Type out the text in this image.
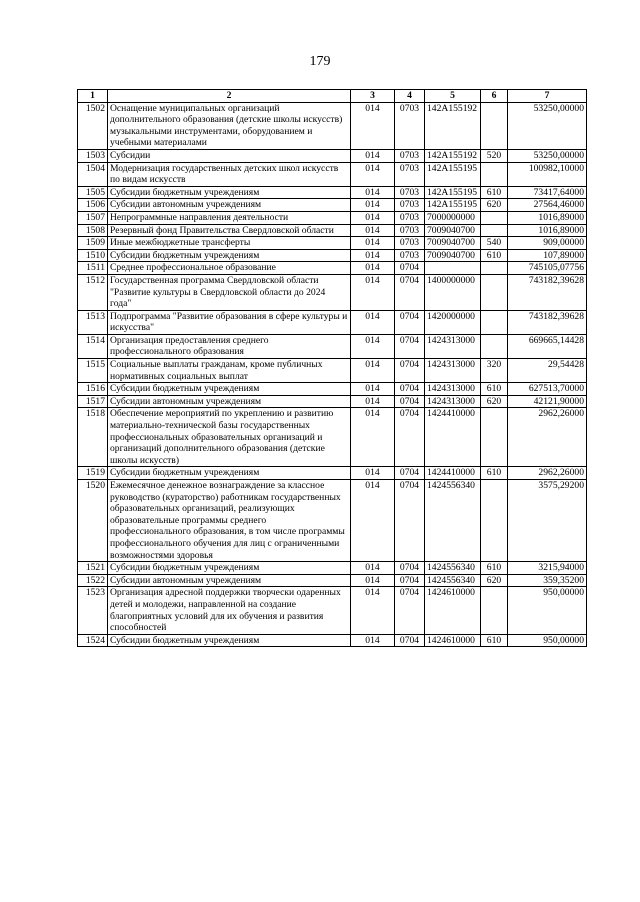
179
1	2	3	4	5	6	7
1502	Оснащение муниципальных организаций дополнительного образования (детские школы искусств) музыкальными инструментами, оборудованием и учебными материалами	014	0703	142А155192		53250,00000
1503	Субсидии	014	0703	142А155192	520	53250,00000
1504	Модернизация государственных детских школ искусств по видам искусств	014	0703	142А155195		100982,10000
1505	Субсидии бюджетным учреждениям	014	0703	142А155195	610	73417,64000
1506	Субсидии автономным учреждениям	014	0703	142А155195	620	27564,46000
1507	Непрограммные направления деятельности	014	0703	7000000000		1016,89000
1508	Резервный фонд Правительства Свердловской области	014	0703	7009040700		1016,89000
1509	Иные межбюджетные трансферты	014	0703	7009040700	540	909,00000
1510	Субсидии бюджетным учреждениям	014	0703	7009040700	610	107,89000
1511	Среднее профессиональное образование	014	0704			745105,07756
1512	Государственная программа Свердловской области "Развитие культуры в Свердловской области до 2024 года"	014	0704	1400000000		743182,39628
1513	Подпрограмма "Развитие образования в сфере культуры и искусства"	014	0704	1420000000		743182,39628
1514	Организация предоставления среднего профессионального образования	014	0704	1424313000		669665,14428
1515	Социальные выплаты гражданам, кроме публичных нормативных социальных выплат	014	0704	1424313000	320	29,54428
1516	Субсидии бюджетным учреждениям	014	0704	1424313000	610	627513,70000
1517	Субсидии автономным учреждениям	014	0704	1424313000	620	42121,90000
1518	Обеспечение мероприятий по укреплению и развитию материально-технической базы государственных профессиональных образовательных организаций и организаций дополнительного образования (детские школы искусств)	014	0704	1424410000		2962,26000
1519	Субсидии бюджетным учреждениям	014	0704	1424410000	610	2962,26000
1520	Ежемесячное денежное вознаграждение за классное руководство (кураторство) работникам государственных образовательных организаций, реализующих образовательные программы среднего профессионального образования, в том числе программы профессионального обучения для лиц с ограниченными возможностями здоровья	014	0704	1424556340		3575,29200
1521	Субсидии бюджетным учреждениям	014	0704	1424556340	610	3215,94000
1522	Субсидии автономным учреждениям	014	0704	1424556340	620	359,35200
1523	Организация адресной поддержки творчески одаренных детей и молодежи, направленной на создание благоприятных условий для их обучения и развития способностей	014	0704	1424610000		950,00000
1524	Субсидии бюджетным учреждениям	014	0704	1424610000	610	950,00000
